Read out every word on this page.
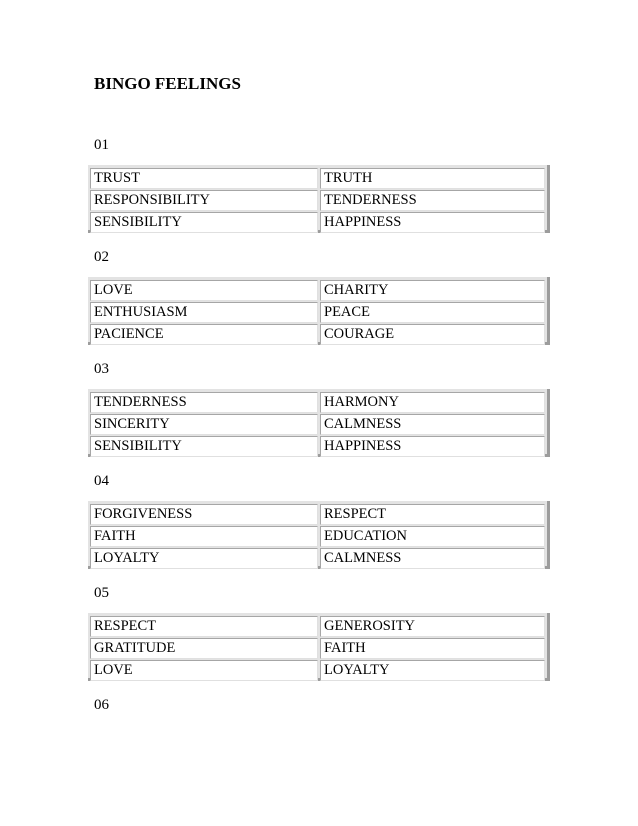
BINGO FEELINGS
01
TRUST	TRUTH
RESPONSIBILITY	TENDERNESS
SENSIBILITY	HAPPINESS
02
LOVE	CHARITY
ENTHUSIASM	PEACE
PACIENCE	COURAGE
03
TENDERNESS	HARMONY
SINCERITY	CALMNESS
SENSIBILITY	HAPPINESS
04
FORGIVENESS	RESPECT
FAITH	EDUCATION
LOYALTY	CALMNESS
05
RESPECT	GENEROSITY
GRATITUDE	FAITH
LOVE	LOYALTY
06
